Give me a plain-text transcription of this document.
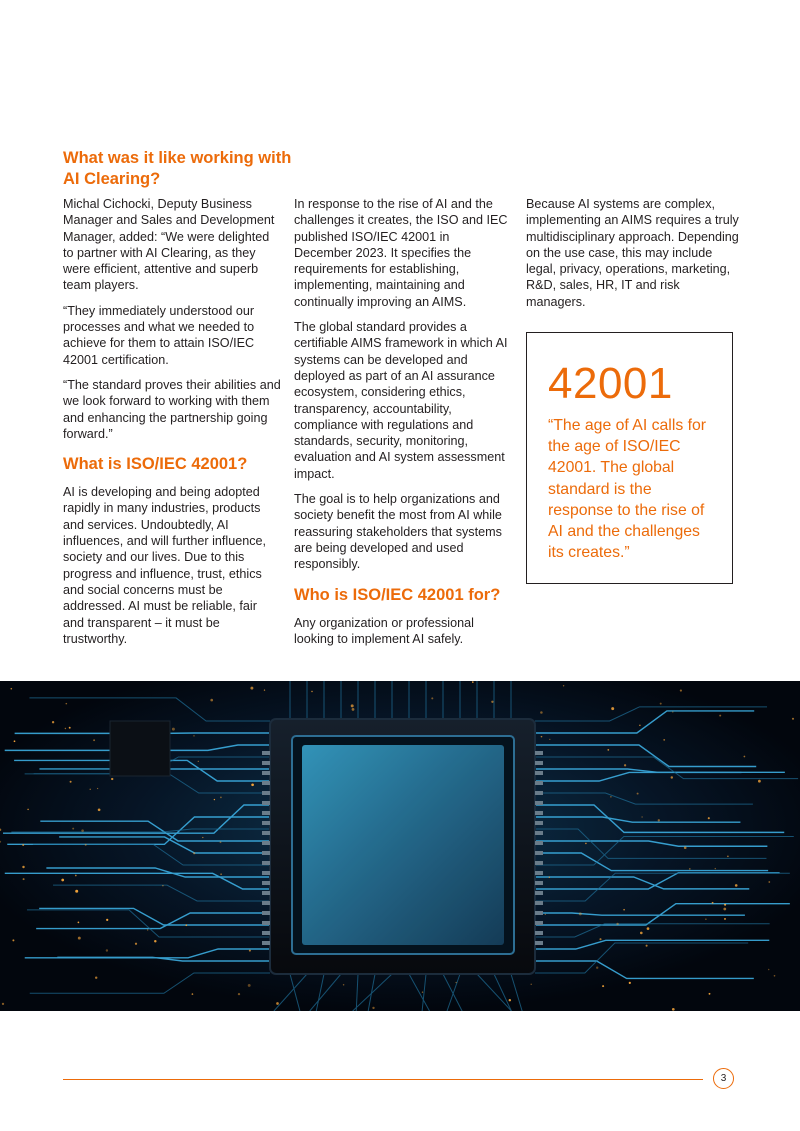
What was it like working with AI Clearing?

Michal Cichocki, Deputy Business Manager and Sales and Development Manager, added: “We were delighted to partner with AI Clearing, as they were efficient, attentive and superb team players.

“They immediately understood our processes and what we needed to achieve for them to attain ISO/IEC 42001 certification.

“The standard proves their abilities and we look forward to working with them and enhancing the partnership going forward.”

What is ISO/IEC 42001?

AI is developing and being adopted rapidly in many industries, products and services. Undoubtedly, AI influences, and will further influence, society and our lives. Due to this progress and influence, trust, ethics and social concerns must be addressed. AI must be reliable, fair and transparent – it must be trustworthy.

In response to the rise of AI and the challenges it creates, the ISO and IEC published ISO/IEC 42001 in December 2023. It specifies the requirements for establishing, implementing, maintaining and continually improving an AIMS.

The global standard provides a certifiable AIMS framework in which AI systems can be developed and deployed as part of an AI assurance ecosystem, considering ethics, transparency, accountability, compliance with regulations and standards, security, monitoring, evaluation and AI system assessment impact.

The goal is to help organizations and society benefit the most from AI while reassuring stakeholders that systems are being developed and used responsibly.

Who is ISO/IEC 42001 for?

Any organization or professional looking to implement AI safely.

Because AI systems are complex, implementing an AIMS requires a truly multidisciplinary approach. Depending on the use case, this may include legal, privacy, operations, marketing, R&D, sales, HR, IT and risk managers.

42001
“The age of AI calls for the age of ISO/IEC 42001. The global standard is the response to the rise of AI and the challenges its creates.”
3
